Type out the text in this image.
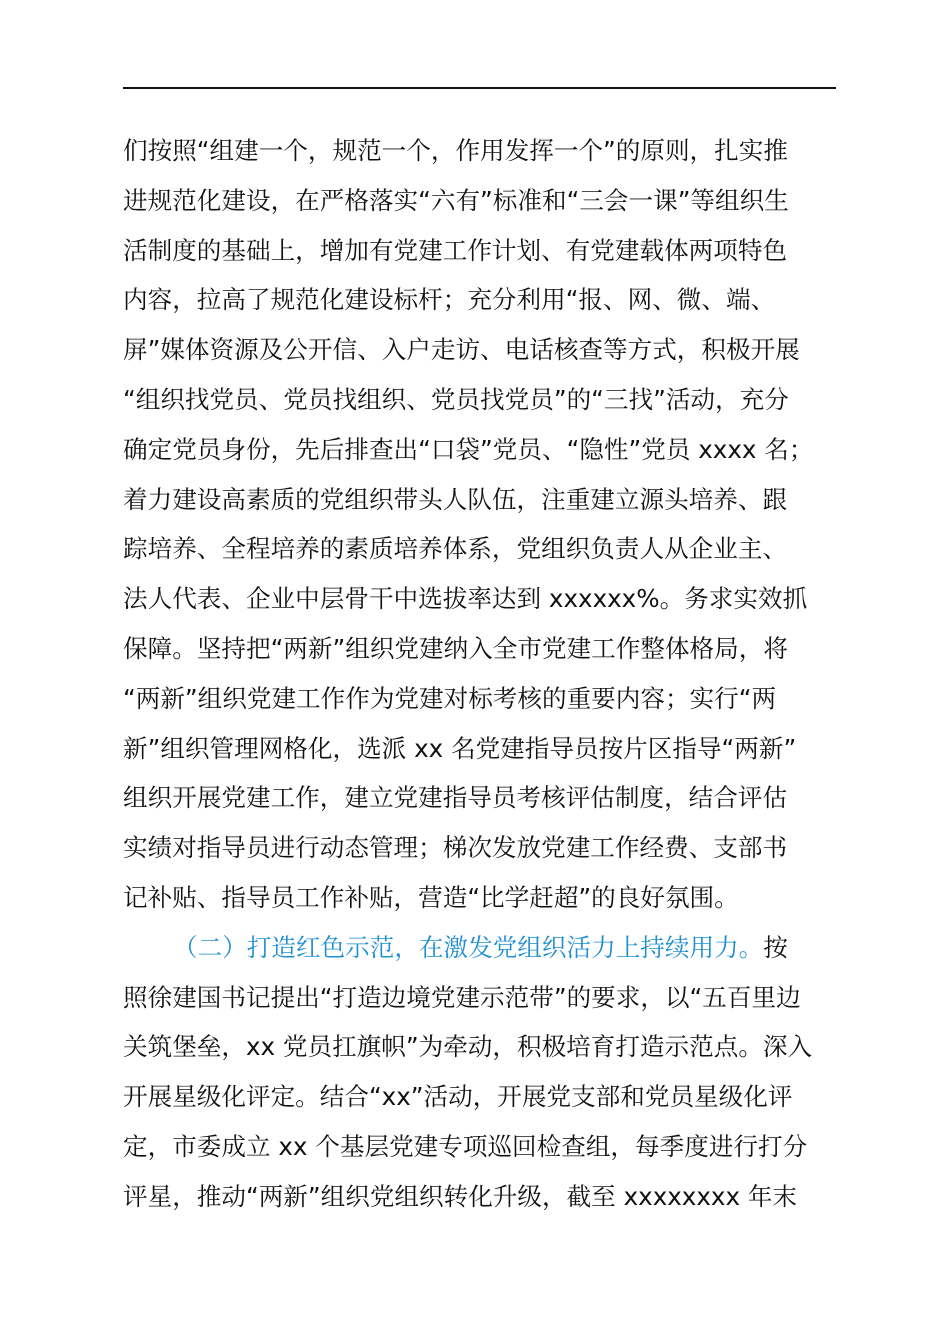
们按照“组建一个，规范一个，作用发挥一个”的原则，扎实推
进规范化建设，在严格落实“六有”标准和“三会一课”等组织生
活制度的基础上，增加有党建工作计划、有党建载体两项特色
内容，拉高了规范化建设标杆；充分利用“报、网、微、端、
屏”媒体资源及公开信、入户走访、电话核查等方式，积极开展
“组织找党员、党员找组织、党员找党员”的“三找”活动，充分
确定党员身份，先后排查出“口袋”党员、“隐性”党员 xxxx 名；
着力建设高素质的党组织带头人队伍，注重建立源头培养、跟
踪培养、全程培养的素质培养体系，党组织负责人从企业主、
法人代表、企业中层骨干中选拔率达到 xxxxxx%。务求实效抓
保障。坚持把“两新”组织党建纳入全市党建工作整体格局，将
“两新”组织党建工作作为党建对标考核的重要内容；实行“两
新”组织管理网格化，选派 xx 名党建指导员按片区指导“两新”
组织开展党建工作，建立党建指导员考核评估制度，结合评估
实绩对指导员进行动态管理；梯次发放党建工作经费、支部书
记补贴、指导员工作补贴，营造“比学赶超”的良好氛围。
（二）打造红色示范，在激发党组织活力上持续用力。按
照徐建国书记提出“打造边境党建示范带”的要求，以“五百里边
关筑堡垒，xx 党员扛旗帜”为牵动，积极培育打造示范点。深入
开展星级化评定。结合“xx”活动，开展党支部和党员星级化评
定，市委成立 xx 个基层党建专项巡回检查组，每季度进行打分
评星，推动“两新”组织党组织转化升级，截至 xxxxxxxx 年末
